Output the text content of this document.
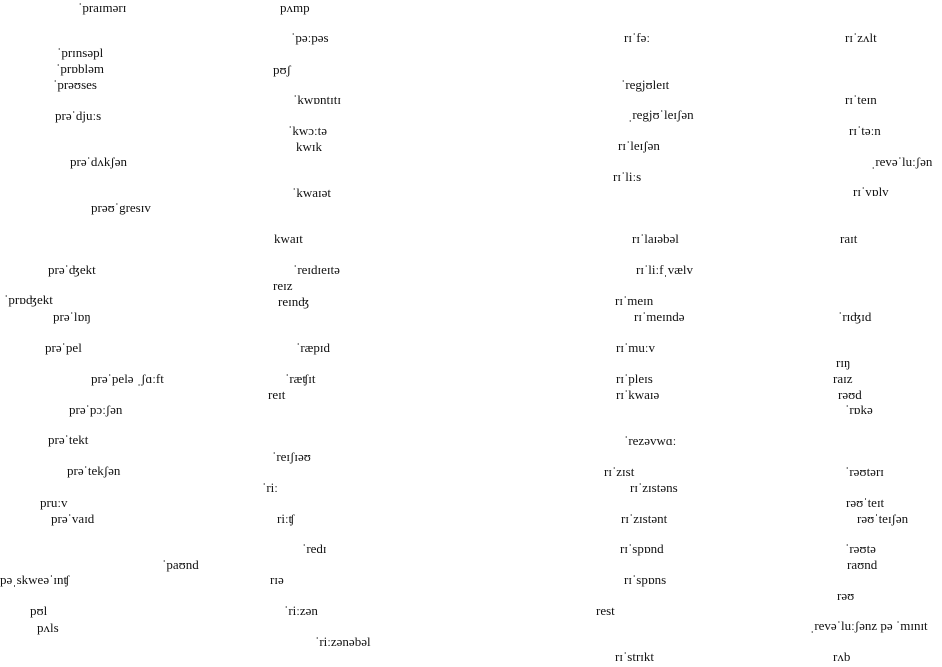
ˈpraɪmərɪ
ˈprɪnsəpl
ˈprɒbləm
ˈprəʊses
prəˈdjuːs
prəˈdʌkʃən
prəʊˈgresɪv
prəˈʤekt
ˈprɒʤekt
prəˈlɒŋ
prəˈpel
prəˈpelə ˌʃɑːft
prəˈpɔːʃən
prəˈtekt
prəˈtekʃən
pruːv
prəˈvaɪd
ˈpaʊnd
pəˌskweəˈɪnʧ
pʊl
pʌls
pʌmp
ˈpəːpəs
pʊʃ
ˈkwɒntɪtɪ
ˈkwɔːtə
kwɪk
ˈkwaɪət
kwaɪt
ˈreɪdɪeɪtə
reɪz
reɪnʤ
ˈræpɪd
ˈræʧɪt
reɪt
ˈreɪʃɪəʊ
ˈriː
riːʧ
ˈredɪ
rɪə
ˈriːzən
ˈriːzənəbəl
rɪˈfəː
ˈregjʊleɪt
ˌregjʊˈleɪʃən
rɪˈleɪʃən
rɪˈliːs
rɪˈlaɪəbəl
rɪˈliːfˌvælv
rɪˈmeɪn
rɪˈmeɪndə
rɪˈmuːv
rɪˈpleɪs
rɪˈkwaɪə
ˈrezəvwɑː
rɪˈzɪst
rɪˈzɪstəns
rɪˈzɪstənt
rɪˈspɒnd
rɪˈspɒns
rest
rɪˈstrɪkt
rɪˈzʌlt
rɪˈteɪn
rɪˈtəːn
ˌrevəˈluːʃən
rɪˈvɒlv
raɪt
ˈrɪʤɪd
rɪŋ
raɪz
rəʊd
ˈrɒkə
ˈrəʊtərɪ
rəʊˈteɪt
rəʊˈteɪʃən
ˈrəʊtə
raʊnd
rəʊ
ˌrevəˈluːʃənz pə ˈmɪnɪt
rʌb
